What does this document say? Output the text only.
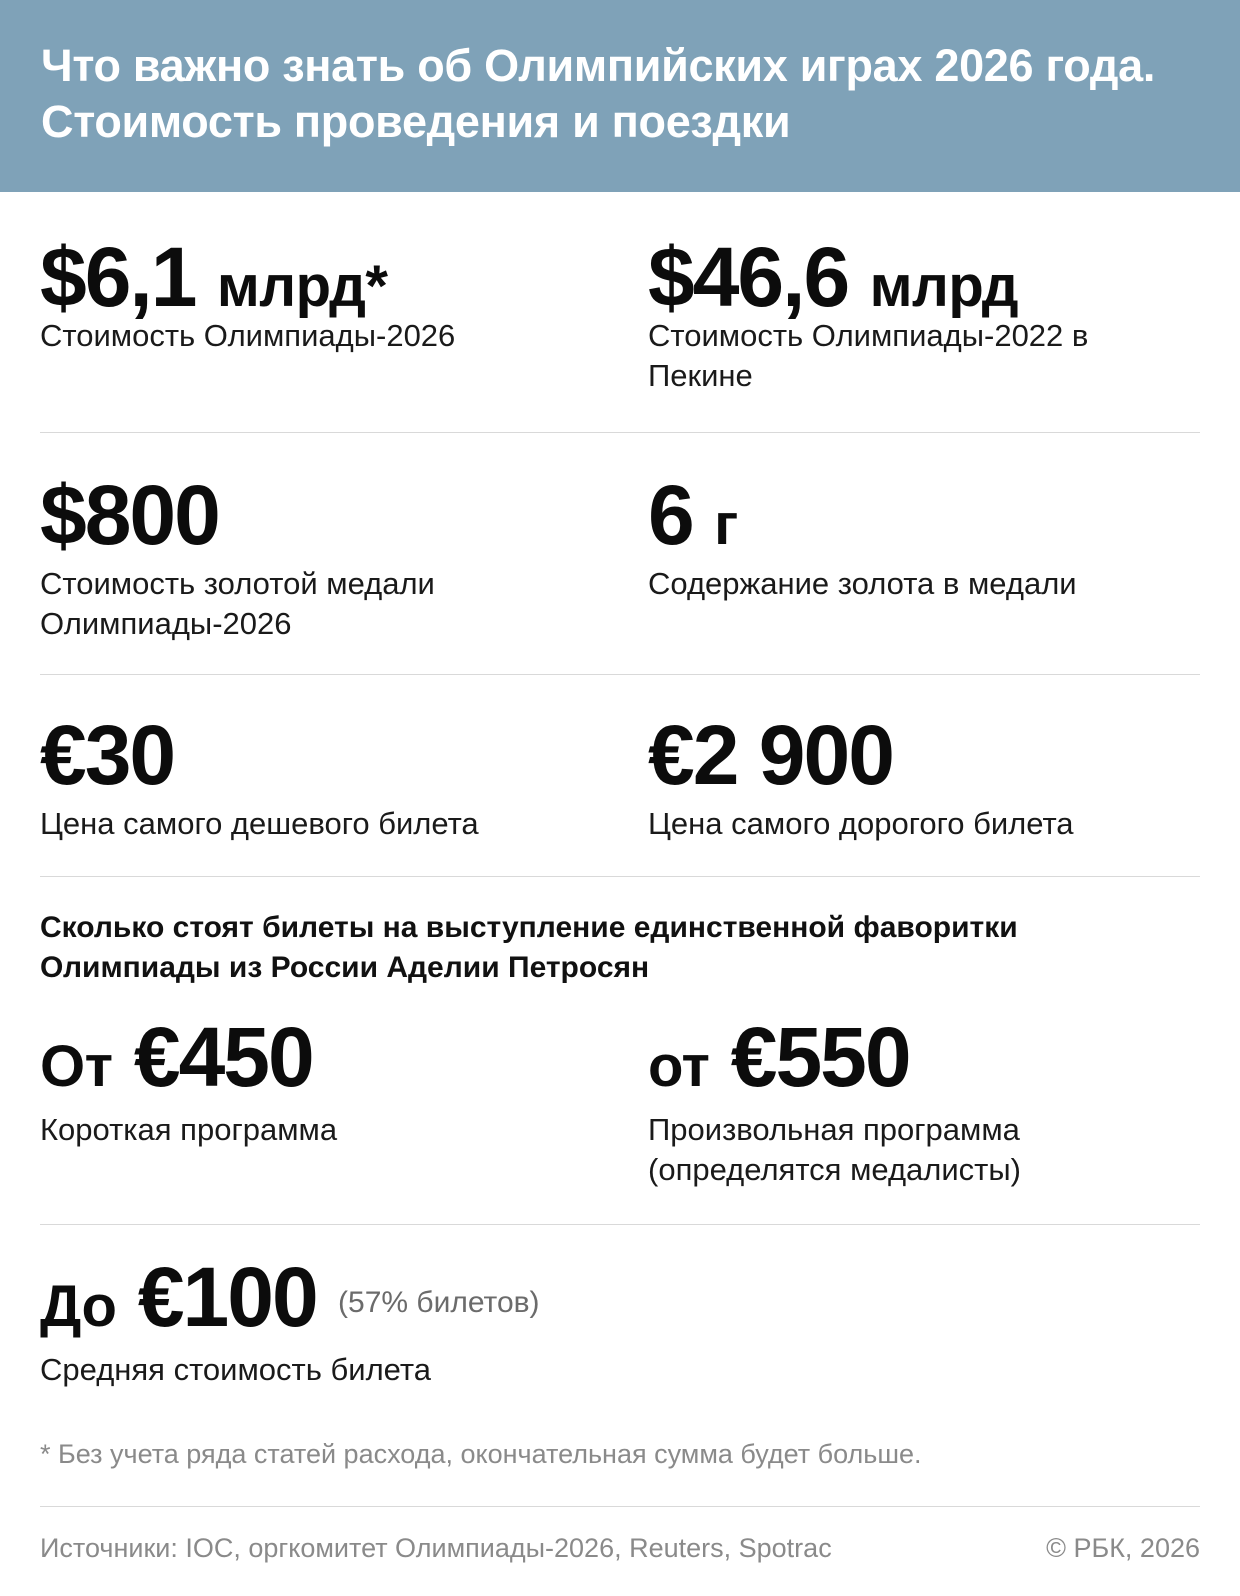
Что важно знать об Олимпийских играх 2026 года. Стоимость проведения и поездки
$6,1 млрд*
Стоимость Олимпиады-2026
$46,6 млрд
Стоимость Олимпиады-2022 в Пекине
$800
Стоимость золотой медали Олимпиады-2026
6 г
Содержание золота в медали
€30
Цена самого дешевого билета
€2 900
Цена самого дорогого билета
Сколько стоят билеты на выступление единственной фаворитки Олимпиады из России Аделии Петросян
От €450
Короткая программа
от €550
Произвольная программа (определятся медалисты)
До €100 (57% билетов)
Средняя стоимость билета
* Без учета ряда статей расхода, окончательная сумма будет больше.
Источники: IOC, оргкомитет Олимпиады-2026, Reuters, Spotrac	© РБК, 2026
